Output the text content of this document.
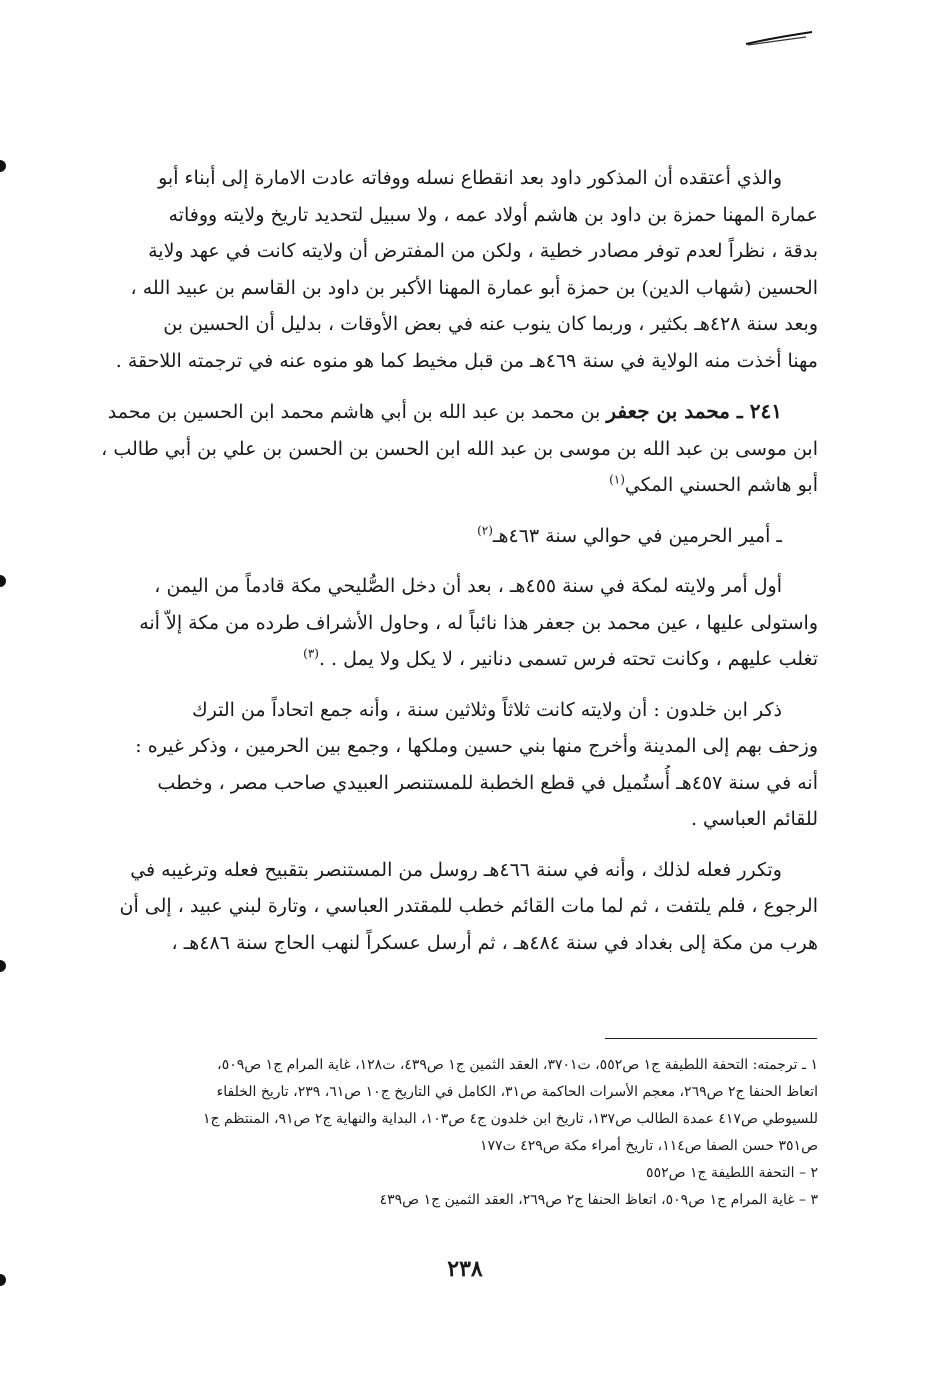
والذي أعتقده أن المذكور داود بعد انقطاع نسله ووفاته عادت الامارة إلى أبناء أبو
عمارة المهنا حمزة بن داود بن هاشم أولاد عمه ، ولا سبيل لتحديد تاريخ ولايته ووفاته
بدقة ، نظراً لعدم توفر مصادر خطية ، ولكن من المفترض أن ولايته كانت في عهد ولاية
الحسين (شهاب الدين) بن حمزة أبو عمارة المهنا الأكبر بن داود بن القاسم بن عبيد الله ،
وبعد سنة ٤٢٨هـ بكثير ، وربما كان ينوب عنه في بعض الأوقات ، بدليل أن الحسين بن
مهنا أخذت منه الولاية في سنة ٤٦٩هـ من قبل مخيط كما هو منوه عنه في ترجمته اللاحقة .
٢٤١ ـ محمد بن جعفر بن محمد بن عبد الله بن أبي هاشم محمد ابن الحسين بن محمد
ابن موسى بن عبد الله بن موسى بن عبد الله ابن الحسن بن الحسن بن علي بن أبي طالب ،
أبو هاشم الحسني المكي$^{(١)}$
ـ أمير الحرمين في حوالي سنة ٤٦٣هـ$^{(٢)}$
أول أمر ولايته لمكة في سنة ٤٥٥هـ ، بعد أن دخل الصُّليحي مكة قادماً من اليمن ،
واستولى عليها ، عين محمد بن جعفر هذا نائباً له ، وحاول الأشراف طرده من مكة إلاّ أنه
تغلب عليهم ، وكانت تحته فرس تسمى دنانير ، لا يكل ولا يمل . .$^{(٣)}$
ذكر ابن خلدون : أن ولايته كانت ثلاثاً وثلاثين سنة ، وأنه جمع اتحاداً من الترك
وزحف بهم إلى المدينة وأخرج منها بني حسين وملكها ، وجمع بين الحرمين ، وذكر غيره :
أنه في سنة ٤٥٧هـ أُستُميل في قطع الخطبة للمستنصر العبيدي صاحب مصر ، وخطب
للقائم العباسي .
وتكرر فعله لذلك ، وأنه في سنة ٤٦٦هـ روسل من المستنصر بتقبيح فعله وترغيبه في
الرجوع ، فلم يلتفت ، ثم لما مات القائم خطب للمقتدر العباسي ، وتارة لبني عبيد ، إلى أن
هرب من مكة إلى بغداد في سنة ٤٨٤هـ ، ثم أرسل عسكراً لنهب الحاج سنة ٤٨٦هـ ،
١ ـ ترجمته: التحفة اللطيفة ج١ ص٥٥٢، ت٣٧٠١، العقد الثمين ج١ ص٤٣٩، ت١٢٨، غاية المرام ج١ ص٥٠٩،
اتعاظ الحنفا ج٢ ص٢٦٩، معجم الأسرات الحاكمة ص٣١، الكامل في التاريخ ج١٠ ص٦١، ٢٣٩، تاريخ الخلفاء
للسيوطي ص٤١٧ عمدة الطالب ص١٣٧، تاريخ ابن خلدون ج٤ ص١٠٣، البداية والنهاية ج٢ ص٩١، المنتظم ج١
ص٣٥١ حسن الصفا ص١١٤، تاريخ أمراء مكة ص٤٢٩ ت١٧٧
٢ – التحفة اللطيفة ج١ ص٥٥٢
٣ – غاية المرام ج١ ص٥٠٩، اتعاظ الحنفا ج٢ ص٢٦٩، العقد الثمين ج١ ص٤٣٩
٢٣٨
